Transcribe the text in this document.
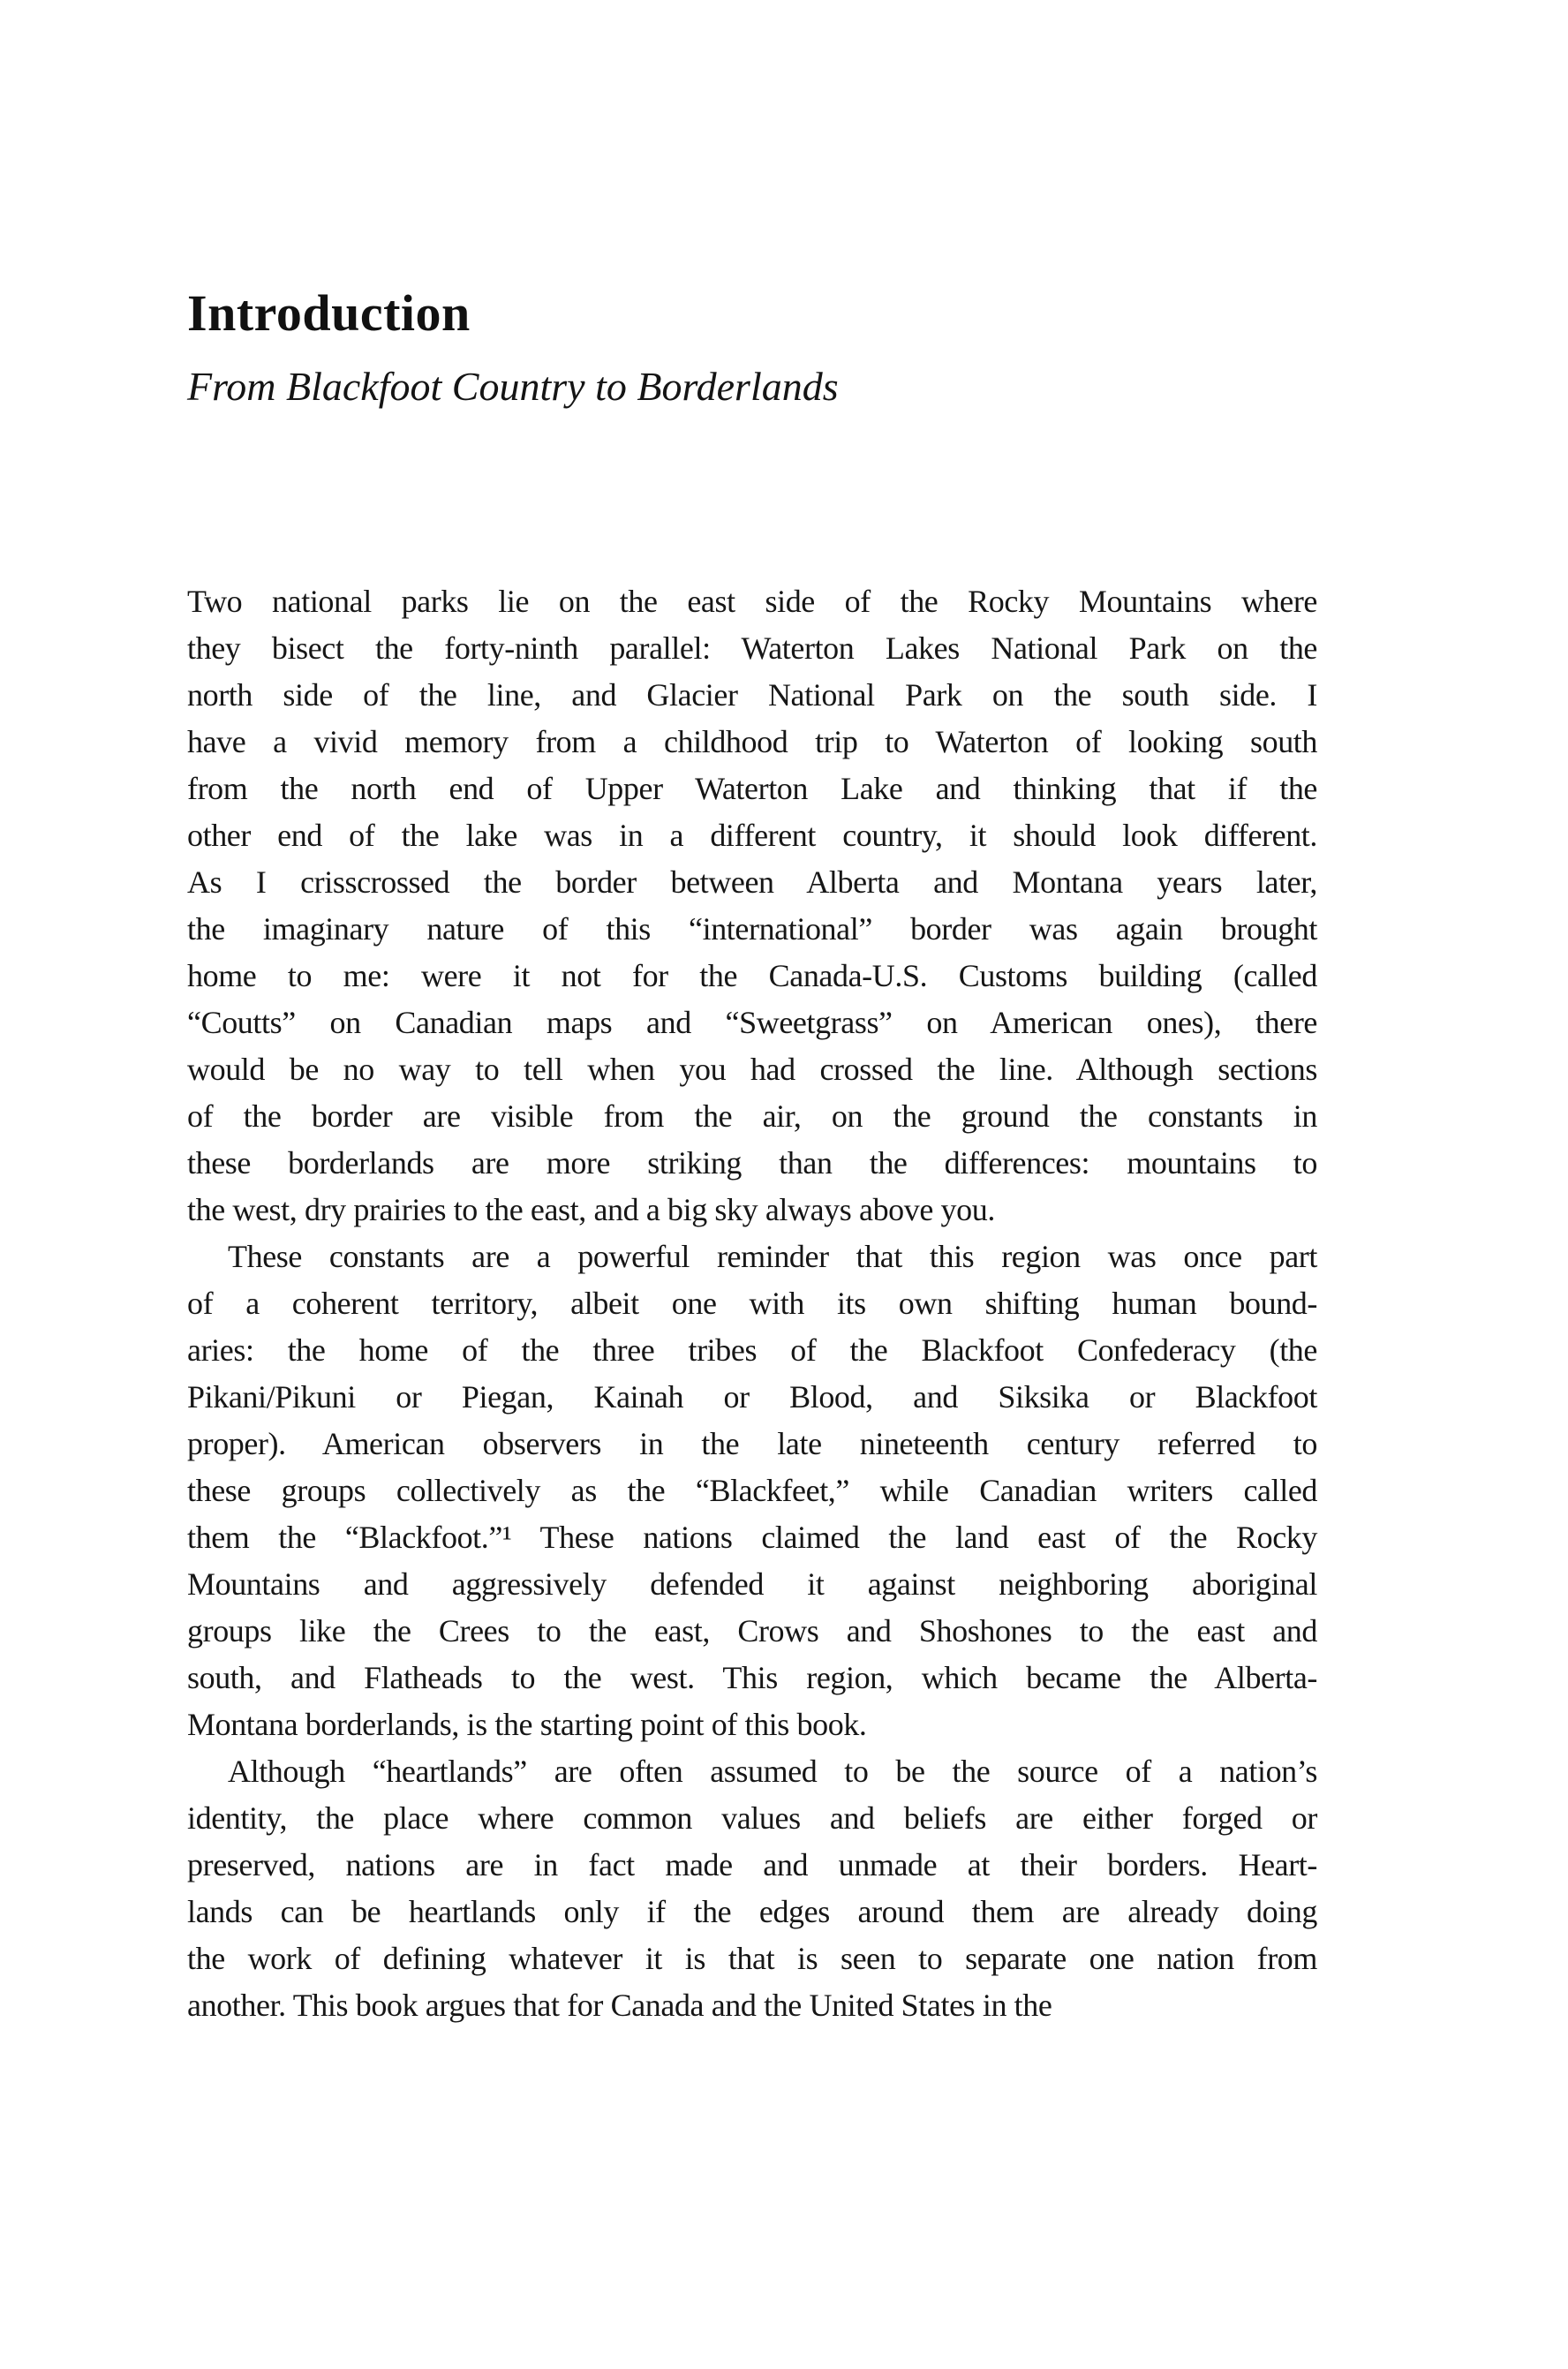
Introduction
From Blackfoot Country to Borderlands
Two national parks lie on the east side of the Rocky Mountains where
they bisect the forty-ninth parallel: Waterton Lakes National Park on the
north side of the line, and Glacier National Park on the south side. I
have a vivid memory from a childhood trip to Waterton of looking south
from the north end of Upper Waterton Lake and thinking that if the
other end of the lake was in a different country, it should look different.
As I crisscrossed the border between Alberta and Montana years later,
the imaginary nature of this “international” border was again brought
home to me: were it not for the Canada-U.S. Customs building (called
“Coutts” on Canadian maps and “Sweetgrass” on American ones), there
would be no way to tell when you had crossed the line. Although sections
of the border are visible from the air, on the ground the constants in
these borderlands are more striking than the differences: mountains to
the west, dry prairies to the east, and a big sky always above you.
These constants are a powerful reminder that this region was once part
of a coherent territory, albeit one with its own shifting human bound-
aries: the home of the three tribes of the Blackfoot Confederacy (the
Pikani/Pikuni or Piegan, Kainah or Blood, and Siksika or Blackfoot
proper). American observers in the late nineteenth century referred to
these groups collectively as the “Blackfeet,” while Canadian writers called
them the “Blackfoot.”¹ These nations claimed the land east of the Rocky
Mountains and aggressively defended it against neighboring aboriginal
groups like the Crees to the east, Crows and Shoshones to the east and
south, and Flatheads to the west. This region, which became the Alberta-
Montana borderlands, is the starting point of this book.
Although “heartlands” are often assumed to be the source of a nation’s
identity, the place where common values and beliefs are either forged or
preserved, nations are in fact made and unmade at their borders. Heart-
lands can be heartlands only if the edges around them are already doing
the work of defining whatever it is that is seen to separate one nation from
another. This book argues that for Canada and the United States in the
